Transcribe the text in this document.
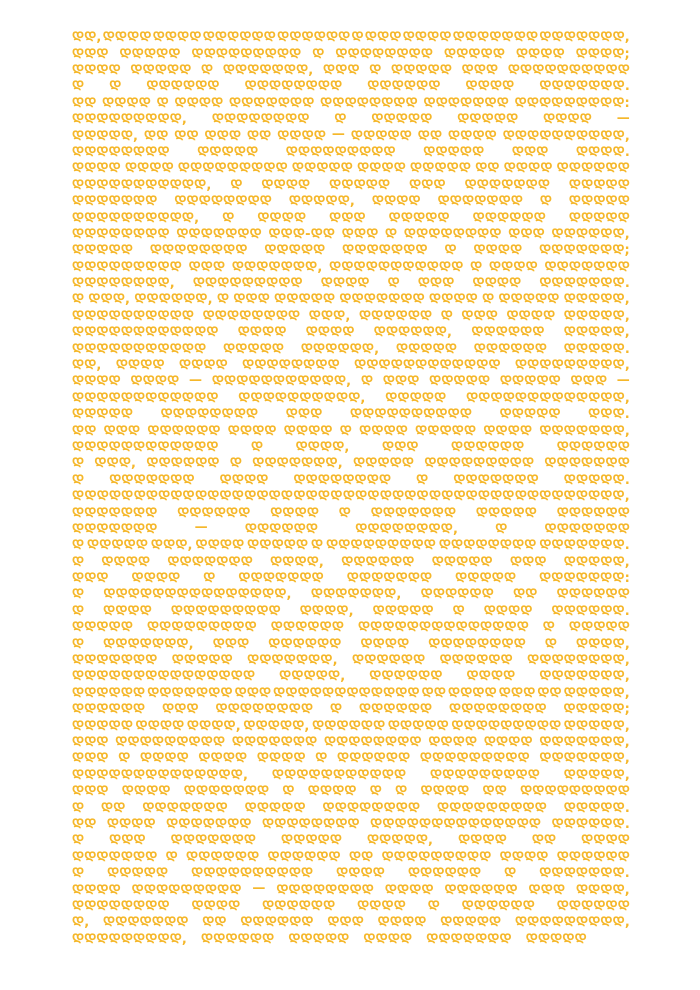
ᲓᲓ, ᲓᲓᲓᲓ ᲓᲓᲓᲓ ᲓᲓᲓᲓᲓᲓ ᲓᲓᲓᲓᲓᲓ Დ ᲓᲓᲓ ᲓᲓᲓᲓ ᲓᲓᲓᲓᲓᲓᲓ ᲓᲓᲓᲓᲓᲓᲓ,
ᲓᲓᲓ ᲓᲓᲓᲓᲓ ᲓᲓᲓᲓᲓᲓᲓᲓᲓ Დ ᲓᲓᲓᲓᲓᲓᲓᲓ ᲓᲓᲓᲓᲓ ᲓᲓᲓᲓ ᲓᲓᲓᲓ;
ᲓᲓᲓᲓ ᲓᲓᲓᲓᲓ Დ ᲓᲓᲓᲓᲓᲓᲓ, ᲓᲓᲓ Დ ᲓᲓᲓᲓᲓ ᲓᲓᲓ ᲓᲓᲓᲓᲓᲓᲓᲓᲓᲓ
Დ Დ ᲓᲓᲓᲓᲓᲓ ᲓᲓᲓᲓᲓᲓᲓᲓ ᲓᲓᲓᲓᲓᲓ ᲓᲓᲓᲓ ᲓᲓᲓᲓᲓᲓᲓ.
ᲓᲓ ᲓᲓᲓᲓ Დ ᲓᲓᲓᲓ ᲓᲓᲓᲓᲓᲓᲓ ᲓᲓᲓᲓᲓᲓᲓᲓ ᲓᲓᲓᲓᲓᲓᲓ ᲓᲓᲓᲓᲓᲓᲓᲓᲓ:
ᲓᲓᲓᲓᲓᲓᲓᲓᲓ, ᲓᲓᲓᲓᲓᲓᲓᲓ Დ ᲓᲓᲓᲓᲓ ᲓᲓᲓᲓᲓ ᲓᲓᲓᲓ —
ᲓᲓᲓᲓᲓ, ᲓᲓ ᲓᲓ ᲓᲓᲓ ᲓᲓ ᲓᲓᲓᲓ — ᲓᲓᲓᲓᲓ ᲓᲓ ᲓᲓᲓᲓ ᲓᲓᲓᲓᲓᲓᲓᲓᲓᲓ,
ᲓᲓᲓᲓᲓᲓᲓᲓ ᲓᲓᲓᲓᲓ ᲓᲓᲓᲓᲓᲓᲓᲓᲓ ᲓᲓᲓᲓᲓ ᲓᲓᲓ ᲓᲓᲓᲓ.
ᲓᲓᲓᲓ ᲓᲓᲓᲓ ᲓᲓᲓᲓᲓᲓᲓᲓᲓ ᲓᲓᲓᲓᲓ ᲓᲓᲓᲓ ᲓᲓᲓᲓᲓ ᲓᲓ ᲓᲓᲓᲓ ᲓᲓᲓᲓᲓᲓ
ᲓᲓᲓᲓᲓᲓᲓᲓᲓᲓᲓ, Დ ᲓᲓᲓᲓ ᲓᲓᲓᲓᲓ ᲓᲓᲓ ᲓᲓᲓᲓᲓᲓᲓ ᲓᲓᲓᲓᲓ
ᲓᲓᲓᲓᲓᲓᲓ ᲓᲓᲓᲓᲓᲓᲓᲓ ᲓᲓᲓᲓᲓ, ᲓᲓᲓᲓ ᲓᲓᲓᲓᲓᲓᲓ Დ ᲓᲓᲓᲓᲓ
ᲓᲓᲓᲓᲓᲓᲓᲓᲓᲓ, Დ ᲓᲓᲓᲓ ᲓᲓᲓ ᲓᲓᲓᲓᲓ ᲓᲓᲓᲓᲓᲓ ᲓᲓᲓᲓᲓ
ᲓᲓᲓᲓᲓᲓᲓᲓ ᲓᲓᲓᲓᲓᲓᲓ ᲓᲓᲓ-ᲓᲓ ᲓᲓᲓ Დ ᲓᲓᲓᲓᲓᲓᲓᲓ ᲓᲓᲓ ᲓᲓᲓᲓᲓᲓ,
ᲓᲓᲓᲓᲓ ᲓᲓᲓᲓᲓᲓᲓᲓ ᲓᲓᲓᲓᲓ ᲓᲓᲓᲓᲓᲓᲓ Დ ᲓᲓᲓᲓ ᲓᲓᲓᲓᲓᲓᲓ;
ᲓᲓᲓᲓᲓᲓᲓᲓᲓ ᲓᲓᲓ ᲓᲓᲓᲓᲓᲓᲓ, ᲓᲓᲓᲓᲓᲓᲓᲓᲓᲓᲓ Დ ᲓᲓᲓᲓ ᲓᲓᲓᲓᲓᲓᲓ
ᲓᲓᲓᲓᲓᲓᲓᲓ, ᲓᲓᲓᲓᲓᲓᲓᲓᲓ ᲓᲓᲓᲓ Დ ᲓᲓᲓ ᲓᲓᲓᲓ ᲓᲓᲓᲓᲓᲓᲓ.
Დ ᲓᲓᲓ, ᲓᲓᲓᲓᲓᲓ, Დ ᲓᲓᲓ ᲓᲓᲓᲓᲓ ᲓᲓᲓᲓᲓᲓᲓ ᲓᲓᲓᲓ Დ ᲓᲓᲓᲓᲓ ᲓᲓᲓᲓᲓ,
ᲓᲓᲓᲓᲓᲓᲓᲓᲓᲓ ᲓᲓᲓᲓᲓᲓᲓᲓ ᲓᲓᲓ, ᲓᲓᲓᲓᲓᲓ Დ ᲓᲓᲓ ᲓᲓᲓᲓ ᲓᲓᲓᲓᲓ,
ᲓᲓᲓᲓᲓᲓᲓᲓᲓᲓᲓᲓ ᲓᲓᲓᲓ ᲓᲓᲓᲓ ᲓᲓᲓᲓᲓᲓ, ᲓᲓᲓᲓᲓᲓ ᲓᲓᲓᲓᲓ,
ᲓᲓᲓᲓᲓᲓᲓᲓᲓᲓᲓ ᲓᲓᲓᲓᲓ ᲓᲓᲓᲓᲓᲓ, ᲓᲓᲓᲓᲓ ᲓᲓᲓᲓᲓᲓ ᲓᲓᲓᲓᲓ.
ᲓᲓ, ᲓᲓᲓᲓ ᲓᲓᲓᲓ ᲓᲓᲓᲓᲓᲓᲓᲓ ᲓᲓᲓᲓᲓᲓᲓᲓᲓᲓᲓᲓ ᲓᲓᲓᲓᲓᲓᲓᲓᲓ,
ᲓᲓᲓᲓ ᲓᲓᲓᲓ — ᲓᲓᲓᲓᲓᲓᲓᲓᲓᲓᲓ, Დ ᲓᲓᲓ ᲓᲓᲓᲓᲓ ᲓᲓᲓᲓᲓ ᲓᲓᲓ —
ᲓᲓᲓᲓᲓᲓᲓᲓᲓᲓᲓᲓ ᲓᲓᲓᲓᲓᲓᲓᲓᲓᲓ, ᲓᲓᲓᲓᲓ ᲓᲓᲓᲓᲓᲓᲓᲓᲓᲓᲓᲓᲓ,
ᲓᲓᲓᲓᲓ ᲓᲓᲓᲓᲓᲓᲓᲓ ᲓᲓᲓ ᲓᲓᲓᲓᲓᲓᲓᲓᲓᲓ ᲓᲓᲓᲓᲓ ᲓᲓᲓ.
ᲓᲓ ᲓᲓᲓ ᲓᲓᲓᲓᲓᲓ ᲓᲓᲓᲓ ᲓᲓᲓᲓ Დ ᲓᲓᲓᲓ ᲓᲓᲓᲓᲓ ᲓᲓᲓᲓ ᲓᲓᲓᲓᲓᲓᲓ,
ᲓᲓᲓᲓᲓᲓᲓᲓᲓᲓᲓᲓ Დ ᲓᲓᲓᲓ, ᲓᲓᲓ ᲓᲓᲓᲓᲓᲓ ᲓᲓᲓᲓᲓᲓ
Დ ᲓᲓᲓ, ᲓᲓᲓᲓᲓᲓ Დ ᲓᲓᲓᲓᲓᲓᲓ, ᲓᲓᲓᲓᲓ ᲓᲓᲓᲓᲓᲓᲓᲓᲓ ᲓᲓᲓᲓᲓᲓᲓ
Დ ᲓᲓᲓᲓᲓᲓᲓ ᲓᲓᲓᲓ ᲓᲓᲓᲓᲓᲓᲓᲓ Დ ᲓᲓᲓᲓᲓᲓᲓ ᲓᲓᲓᲓᲓ.
Დ ᲓᲓᲓᲓ ᲓᲓᲓᲓᲓ ᲓᲓᲓᲓ ᲓᲓᲓᲓ ᲓᲓᲓ Დ ᲓᲓᲓ ᲓᲓᲓᲓ ᲓᲓᲓᲓᲓᲓᲓ ᲓᲓᲓᲓᲓᲓᲓᲓᲓ,
ᲓᲓᲓᲓᲓᲓᲓ ᲓᲓᲓᲓᲓᲓ ᲓᲓᲓᲓ Დ ᲓᲓᲓᲓᲓᲓᲓ ᲓᲓᲓᲓᲓ ᲓᲓᲓᲓᲓᲓ
ᲓᲓᲓᲓᲓᲓᲓ	—	ᲓᲓᲓᲓᲓᲓ	ᲓᲓᲓᲓᲓᲓᲓᲓ,	Დ	ᲓᲓᲓᲓᲓᲓᲓ
Დ ᲓᲓᲓᲓᲓ ᲓᲓᲓ, ᲓᲓᲓᲓ ᲓᲓᲓᲓᲓ Დ ᲓᲓᲓᲓᲓᲓᲓᲓᲓ ᲓᲓᲓᲓᲓᲓᲓᲓ ᲓᲓᲓᲓᲓᲓᲓ.
Დ ᲓᲓᲓᲓ ᲓᲓᲓᲓᲓᲓᲓ ᲓᲓᲓᲓ, ᲓᲓᲓᲓᲓᲓ ᲓᲓᲓᲓᲓ ᲓᲓᲓ ᲓᲓᲓᲓᲓ,
ᲓᲓᲓ ᲓᲓᲓᲓ Დ ᲓᲓᲓᲓᲓᲓᲓ ᲓᲓᲓᲓᲓᲓᲓ ᲓᲓᲓᲓᲓ ᲓᲓᲓᲓᲓᲓᲓ:
Დ ᲓᲓᲓᲓᲓᲓᲓᲓᲓᲓᲓᲓᲓᲓᲓ, ᲓᲓᲓᲓᲓᲓᲓ, ᲓᲓᲓᲓᲓᲓ ᲓᲓ ᲓᲓᲓᲓᲓᲓ
Დ ᲓᲓᲓᲓ ᲓᲓᲓᲓᲓᲓᲓᲓᲓ ᲓᲓᲓᲓ, ᲓᲓᲓᲓᲓ Დ ᲓᲓᲓᲓ ᲓᲓᲓᲓᲓᲓ.
ᲓᲓᲓᲓᲓ ᲓᲓᲓᲓᲓᲓᲓᲓᲓ ᲓᲓᲓᲓᲓᲓ ᲓᲓᲓᲓᲓᲓᲓᲓᲓᲓᲓᲓᲓᲓ Დ ᲓᲓᲓᲓᲓ
Დ ᲓᲓᲓᲓᲓᲓᲓ, ᲓᲓᲓ ᲓᲓᲓᲓᲓᲓ ᲓᲓᲓᲓ ᲓᲓᲓᲓᲓᲓᲓᲓ Დ ᲓᲓᲓᲓ,
ᲓᲓᲓᲓᲓᲓᲓ ᲓᲓᲓᲓᲓ ᲓᲓᲓᲓᲓᲓᲓ, ᲓᲓᲓᲓᲓᲓ ᲓᲓᲓᲓᲓᲓ ᲓᲓᲓᲓᲓᲓᲓᲓ,
ᲓᲓᲓᲓᲓᲓᲓᲓᲓᲓᲓᲓᲓᲓᲓ ᲓᲓᲓᲓᲓ, ᲓᲓᲓᲓᲓᲓ ᲓᲓᲓᲓ ᲓᲓᲓᲓᲓᲓᲓ,
ᲓᲓᲓᲓᲓᲓ ᲓᲓᲓᲓᲓᲓᲓ ᲓᲓᲓ ᲓᲓᲓᲓᲓᲓᲓᲓᲓᲓᲓᲓ ᲓᲓ ᲓᲓᲓᲓ ᲓᲓᲓ ᲓᲓ ᲓᲓᲓᲓᲓ,
ᲓᲓᲓᲓᲓᲓ ᲓᲓᲓ ᲓᲓᲓᲓᲓᲓᲓᲓ Დ ᲓᲓᲓᲓᲓᲓ ᲓᲓᲓᲓᲓᲓᲓᲓ ᲓᲓᲓᲓᲓ;
ᲓᲓᲓᲓᲓ ᲓᲓᲓᲓ ᲓᲓᲓᲓ, ᲓᲓᲓᲓᲓ, ᲓᲓᲓᲓᲓᲓ ᲓᲓᲓᲓᲓ ᲓᲓᲓᲓᲓᲓᲓᲓᲓ ᲓᲓᲓᲓᲓ,
ᲓᲓᲓ ᲓᲓᲓᲓᲓᲓᲓᲓᲓ ᲓᲓᲓᲓᲓᲓᲓ ᲓᲓᲓᲓᲓᲓᲓᲓ ᲓᲓᲓᲓ ᲓᲓᲓᲓ ᲓᲓᲓᲓᲓᲓᲓ,
ᲓᲓᲓ Დ ᲓᲓᲓᲓ ᲓᲓᲓᲓ ᲓᲓᲓᲓ Დ ᲓᲓᲓᲓᲓᲓ ᲓᲓᲓᲓᲓᲓᲓᲓᲓ ᲓᲓᲓᲓᲓᲓᲓ,
ᲓᲓᲓᲓᲓᲓᲓᲓᲓᲓᲓᲓᲓᲓ, ᲓᲓᲓᲓᲓᲓᲓᲓᲓᲓᲓ ᲓᲓᲓᲓᲓᲓᲓᲓᲓ ᲓᲓᲓᲓᲓ,
ᲓᲓᲓ ᲓᲓᲓᲓ ᲓᲓᲓᲓᲓᲓᲓ Დ ᲓᲓᲓᲓ Დ Დ ᲓᲓᲓᲓ ᲓᲓ ᲓᲓᲓᲓᲓᲓᲓᲓᲓ
Დ ᲓᲓ ᲓᲓᲓᲓᲓᲓᲓ ᲓᲓᲓᲓᲓ ᲓᲓᲓᲓᲓᲓᲓᲓ ᲓᲓᲓᲓᲓᲓᲓᲓᲓ ᲓᲓᲓᲓᲓ.
ᲓᲓ ᲓᲓᲓᲓ ᲓᲓᲓᲓᲓᲓᲓ ᲓᲓᲓᲓᲓᲓᲓᲓ ᲓᲓᲓᲓᲓᲓᲓᲓᲓᲓᲓᲓᲓᲓ ᲓᲓᲓᲓᲓᲓ.
Დ ᲓᲓᲓ ᲓᲓᲓᲓᲓᲓᲓ ᲓᲓᲓᲓᲓ ᲓᲓᲓᲓᲓ, ᲓᲓᲓᲓ ᲓᲓ ᲓᲓᲓᲓ
ᲓᲓᲓᲓᲓᲓᲓ Დ ᲓᲓᲓᲓᲓᲓ ᲓᲓᲓᲓᲓᲓ ᲓᲓ ᲓᲓᲓᲓᲓᲓᲓᲓᲓ ᲓᲓᲓᲓ ᲓᲓᲓᲓᲓᲓ
Დ ᲓᲓᲓᲓᲓ ᲓᲓᲓᲓᲓᲓᲓᲓᲓᲓ ᲓᲓᲓᲓ ᲓᲓᲓᲓᲓᲓ Დ ᲓᲓᲓᲓᲓᲓᲓ.
ᲓᲓᲓᲓ ᲓᲓᲓᲓᲓᲓᲓᲓᲓ — ᲓᲓᲓᲓᲓᲓᲓᲓ ᲓᲓᲓᲓ ᲓᲓᲓᲓᲓᲓ ᲓᲓᲓ ᲓᲓᲓᲓ,
ᲓᲓᲓᲓᲓᲓᲓᲓ ᲓᲓᲓᲓ ᲓᲓᲓᲓᲓᲓ ᲓᲓᲓᲓ Დ ᲓᲓᲓᲓᲓᲓ ᲓᲓᲓᲓᲓᲓ
Დ, ᲓᲓᲓᲓᲓᲓᲓ ᲓᲓ ᲓᲓᲓᲓᲓᲓ ᲓᲓᲓ ᲓᲓᲓᲓ ᲓᲓᲓᲓᲓ ᲓᲓᲓᲓᲓᲓᲓᲓᲓ,
ᲓᲓᲓᲓᲓᲓᲓᲓᲓ, ᲓᲓᲓᲓᲓᲓ ᲓᲓᲓᲓᲓ ᲓᲓᲓᲓ ᲓᲓᲓᲓᲓᲓᲓ ᲓᲓᲓᲓᲓ
